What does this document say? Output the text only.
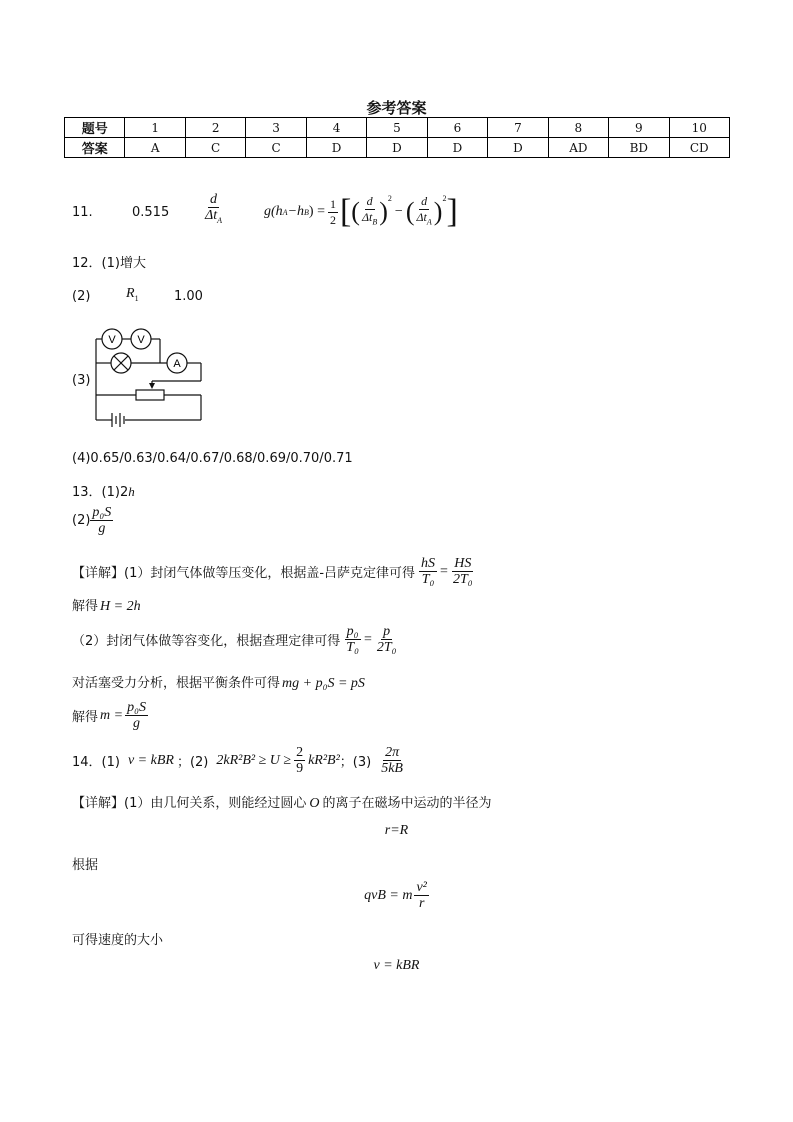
参考答案
题号	1	2	3	4	5	6	7	8	9	10
答案	A	C	C	D	D	D	D	AD	BD	CD
11.	$0.515 \frac{d}{\Delta t_A}$	g(h A −h B ) = $\frac{1}{2}$ [ ( $\frac{d}{\Delta t_B} )^2$
− ( $\frac{d}{\Delta t_A} )^2$ ]
12．(1)增大
(2)	$R_1$	1.00
(3)
V V
A
(4)0.65/0.63/0.64/0.67/0.68/0.69/0.70/0.71
13．(1)2h
$(2) \frac{\text{p₀S}}{g}$
【详解】(1）封闭气体做等压变化，根据盖-吕萨克定律可得 $\frac{hS}{\text{T₀}} = \frac{HS}{\text{2T₀}}$
解得 H = 2h
（2）封闭气体做等容变化，根据查理定律可得 $\frac{\text{p₀}}{\text{T₀}} = \frac{p}{\text{2T₀}}$
对活塞受力分析，根据平衡条件可得 mg + p₀S = pS
解得 $m = \frac{\text{p₀S}}{g}$
14．(1) v = kBR ；(2) $2kR^2B^2 \ge U \ge \frac{2}{9} kR^2B^2$ ；$(3) \frac{2\pi}{5kB}$
【详解】(1）由几何关系，则能经过圆心 O 的离子在磁场中运动的半径为
r=R
根据
qvB = m $\frac{\text{v²}}{r}$
可得速度的大小
v = kBR
